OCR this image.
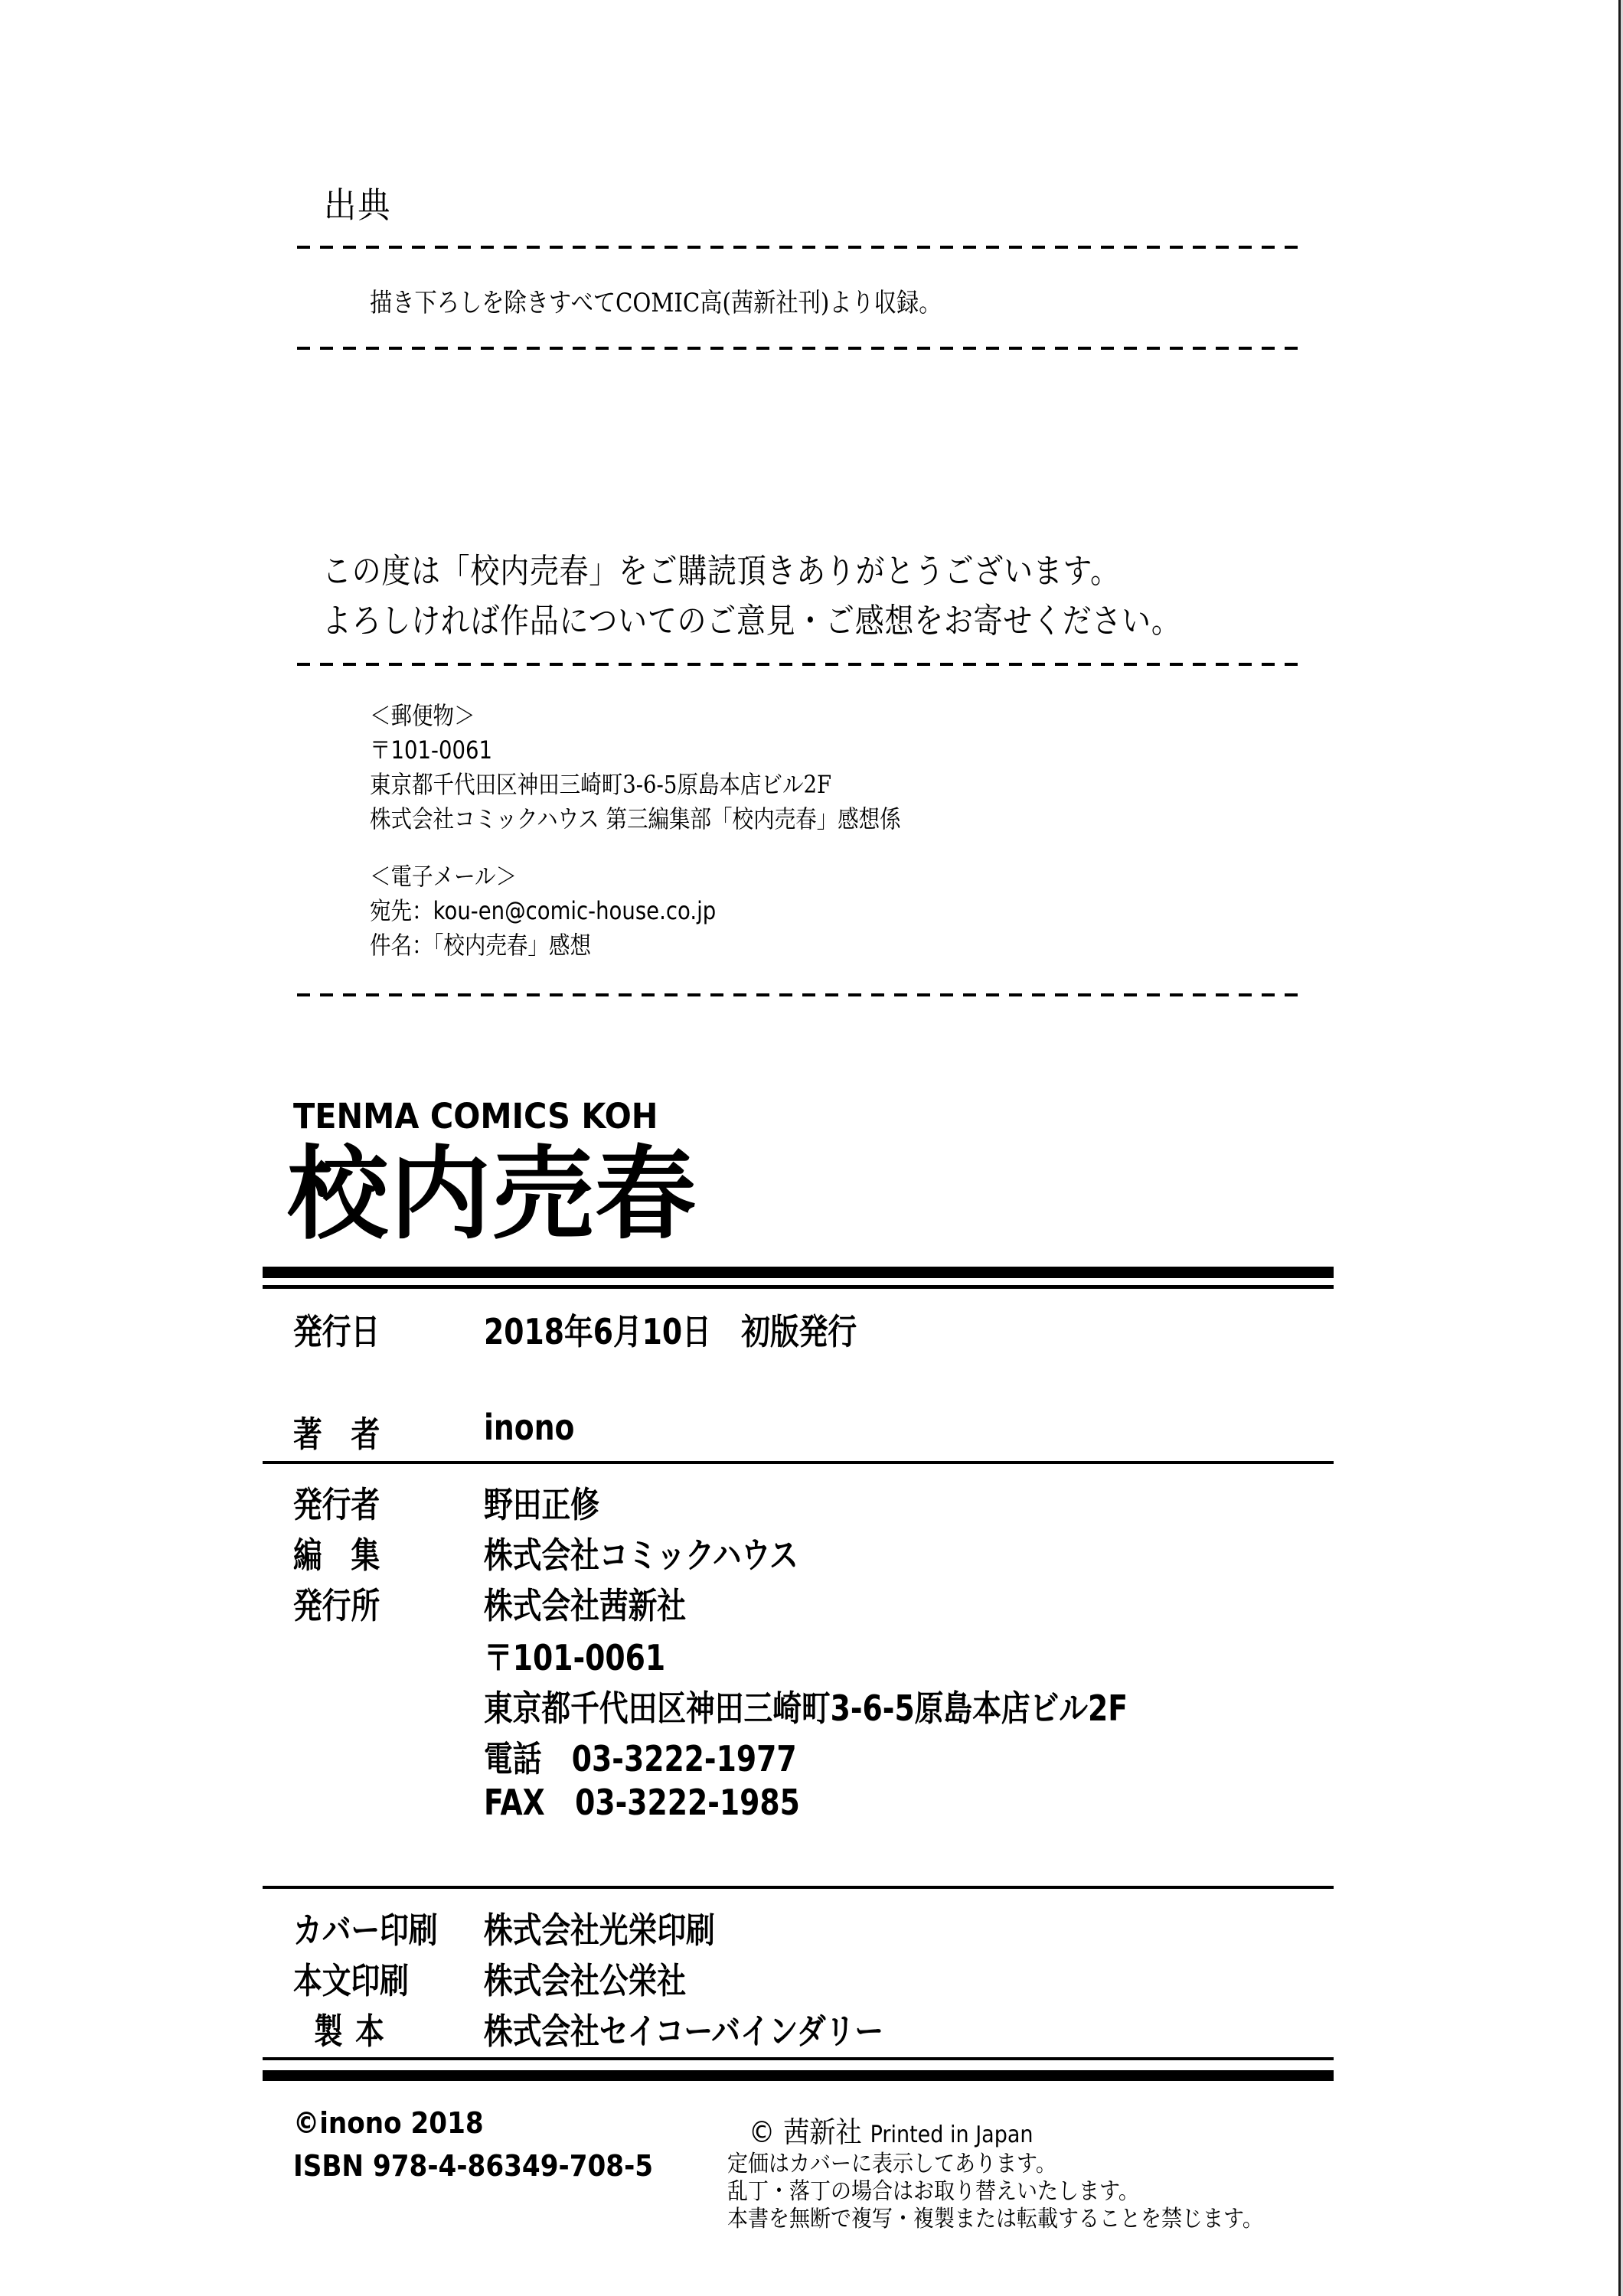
出典
描き下ろしを除きすべてCOMIC高(茜新社刊)より収録。
この度は「校内売春」をご購読頂きありがとうございます。
よろしければ作品についてのご意見・ご感想をお寄せください。
＜郵便物＞
〒101-0061
東京都千代田区神田三崎町3-6-5原島本店ビル2F
株式会社コミックハウス 第三編集部「校内売春」感想係
＜電子メール＞
宛先：kou-en@comic-house.co.jp
件名：「校内売春」感想
TENMA COMICS KOH
校内売春
発行日	2018年6月10日 初版発行
著者 inono
発行者	野田正修
編集 株式会社コミックハウス
発行所	株式会社茜新社
〒101-0061
東京都千代田区神田三崎町3-6-5原島本店ビル2F
電話 03-3222-1977
FAX 03-3222-1985
カバー印刷 株式会社光栄印刷
本文印刷 株式会社公栄社
製本 株式会社セイコーバインダリー
©inono 2018
ISBN 978-4-86349-708-5
© 茜新社 Printed in Japan
定価はカバーに表示してあります。
乱丁・落丁の場合はお取り替えいたします。
本書を無断で複写・複製または転載することを禁じます。
